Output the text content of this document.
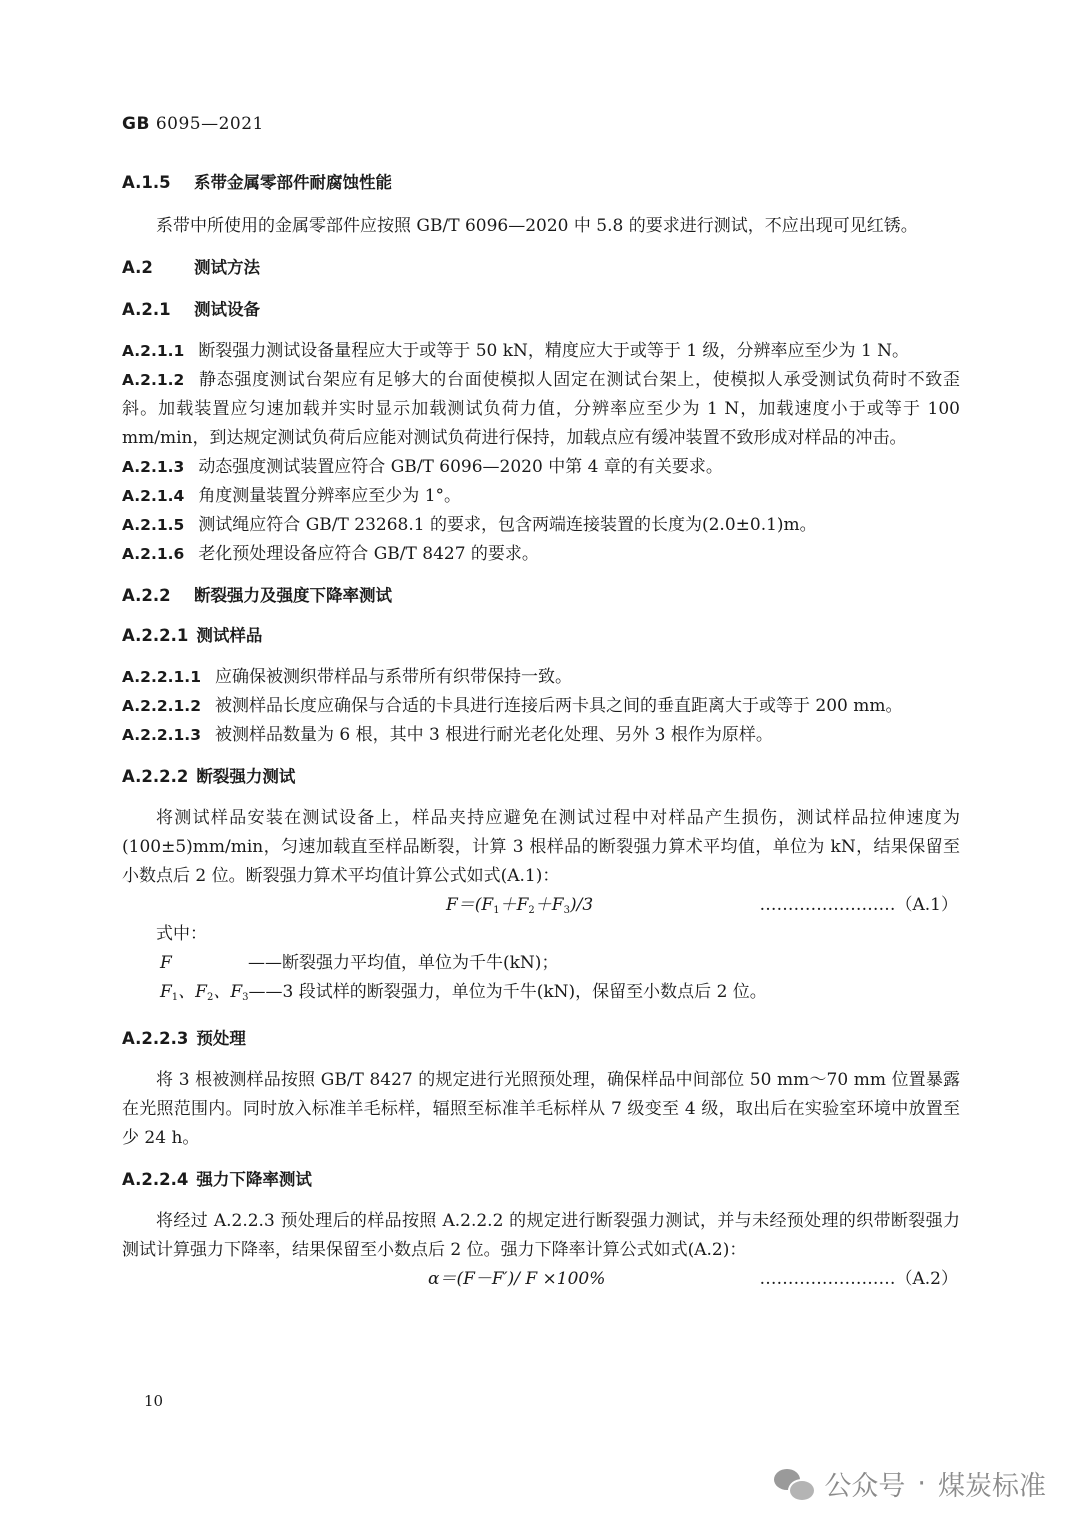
GB 6095—2021

A.1.5 系带金属零部件耐腐蚀性能

系带中所使用的金属零部件应按照 GB/T 6096—2020 中 5.8 的要求进行测试，不应出现可见红锈。

A.2 测试方法

A.2.1 测试设备

A.2.1.1 断裂强力测试设备量程应大于或等于 50 kN，精度应大于或等于 1 级，分辨率应至少为 1 N。

A.2.1.2 静态强度测试台架应有足够大的台面使模拟人固定在测试台架上，使模拟人承受测试负荷时不致歪斜。加载装置应匀速加载并实时显示加载测试负荷力值，分辨率应至少为 1 N，加载速度小于或等于 100 mm/min，到达规定测试负荷后应能对测试负荷进行保持，加载点应有缓冲装置不致形成对样品的冲击。

A.2.1.3 动态强度测试装置应符合 GB/T 6096—2020 中第 4 章的有关要求。

A.2.1.4 角度测量装置分辨率应至少为 1°。

A.2.1.5 测试绳应符合 GB/T 23268.1 的要求，包含两端连接装置的长度为(2.0±0.1)m。

A.2.1.6 老化预处理设备应符合 GB/T 8427 的要求。

A.2.2 断裂强力及强度下降率测试

A.2.2.1 测试样品

A.2.2.1.1 应确保被测织带样品与系带所有织带保持一致。

A.2.2.1.2 被测样品长度应确保与合适的卡具进行连接后两卡具之间的垂直距离大于或等于 200 mm。

A.2.2.1.3 被测样品数量为 6 根，其中 3 根进行耐光老化处理、另外 3 根作为原样。

A.2.2.2 断裂强力测试

将测试样品安装在测试设备上，样品夹持应避免在测试过程中对样品产生损伤，测试样品拉伸速度为(100±5)mm/min，匀速加载直至样品断裂，计算 3 根样品的断裂强力算术平均值，单位为 kN，结果保留至小数点后 2 位。断裂强力算术平均值计算公式如式(A.1)：

$F=(F_1+F_2+F_3)/3$	……………………（A.1）

式中：

F	——断裂强力平均值，单位为千牛(kN)；

$F_1$、$F_2$、$F_3——3$ 段试样的断裂强力，单位为千牛(kN)，保留至小数点后 2 位。

A.2.2.3 预处理

将 3 根被测样品按照 GB/T 8427 的规定进行光照预处理，确保样品中间部位 50 mm～70 mm 位置暴露在光照范围内。同时放入标准羊毛标样，辐照至标准羊毛标样从 7 级变至 4 级，取出后在实验室环境中放置至少 24 h。

A.2.2.4 强力下降率测试

将经过 A.2.2.3 预处理后的样品按照 A.2.2.2 的规定进行断裂强力测试，并与未经预处理的织带断裂强力测试计算强力下降率，结果保留至小数点后 2 位。强力下降率计算公式如式(A.2)：

α＝(F－F′)/ F ×100%	……………………（A.2）
10
公众号 · 煤炭标准
